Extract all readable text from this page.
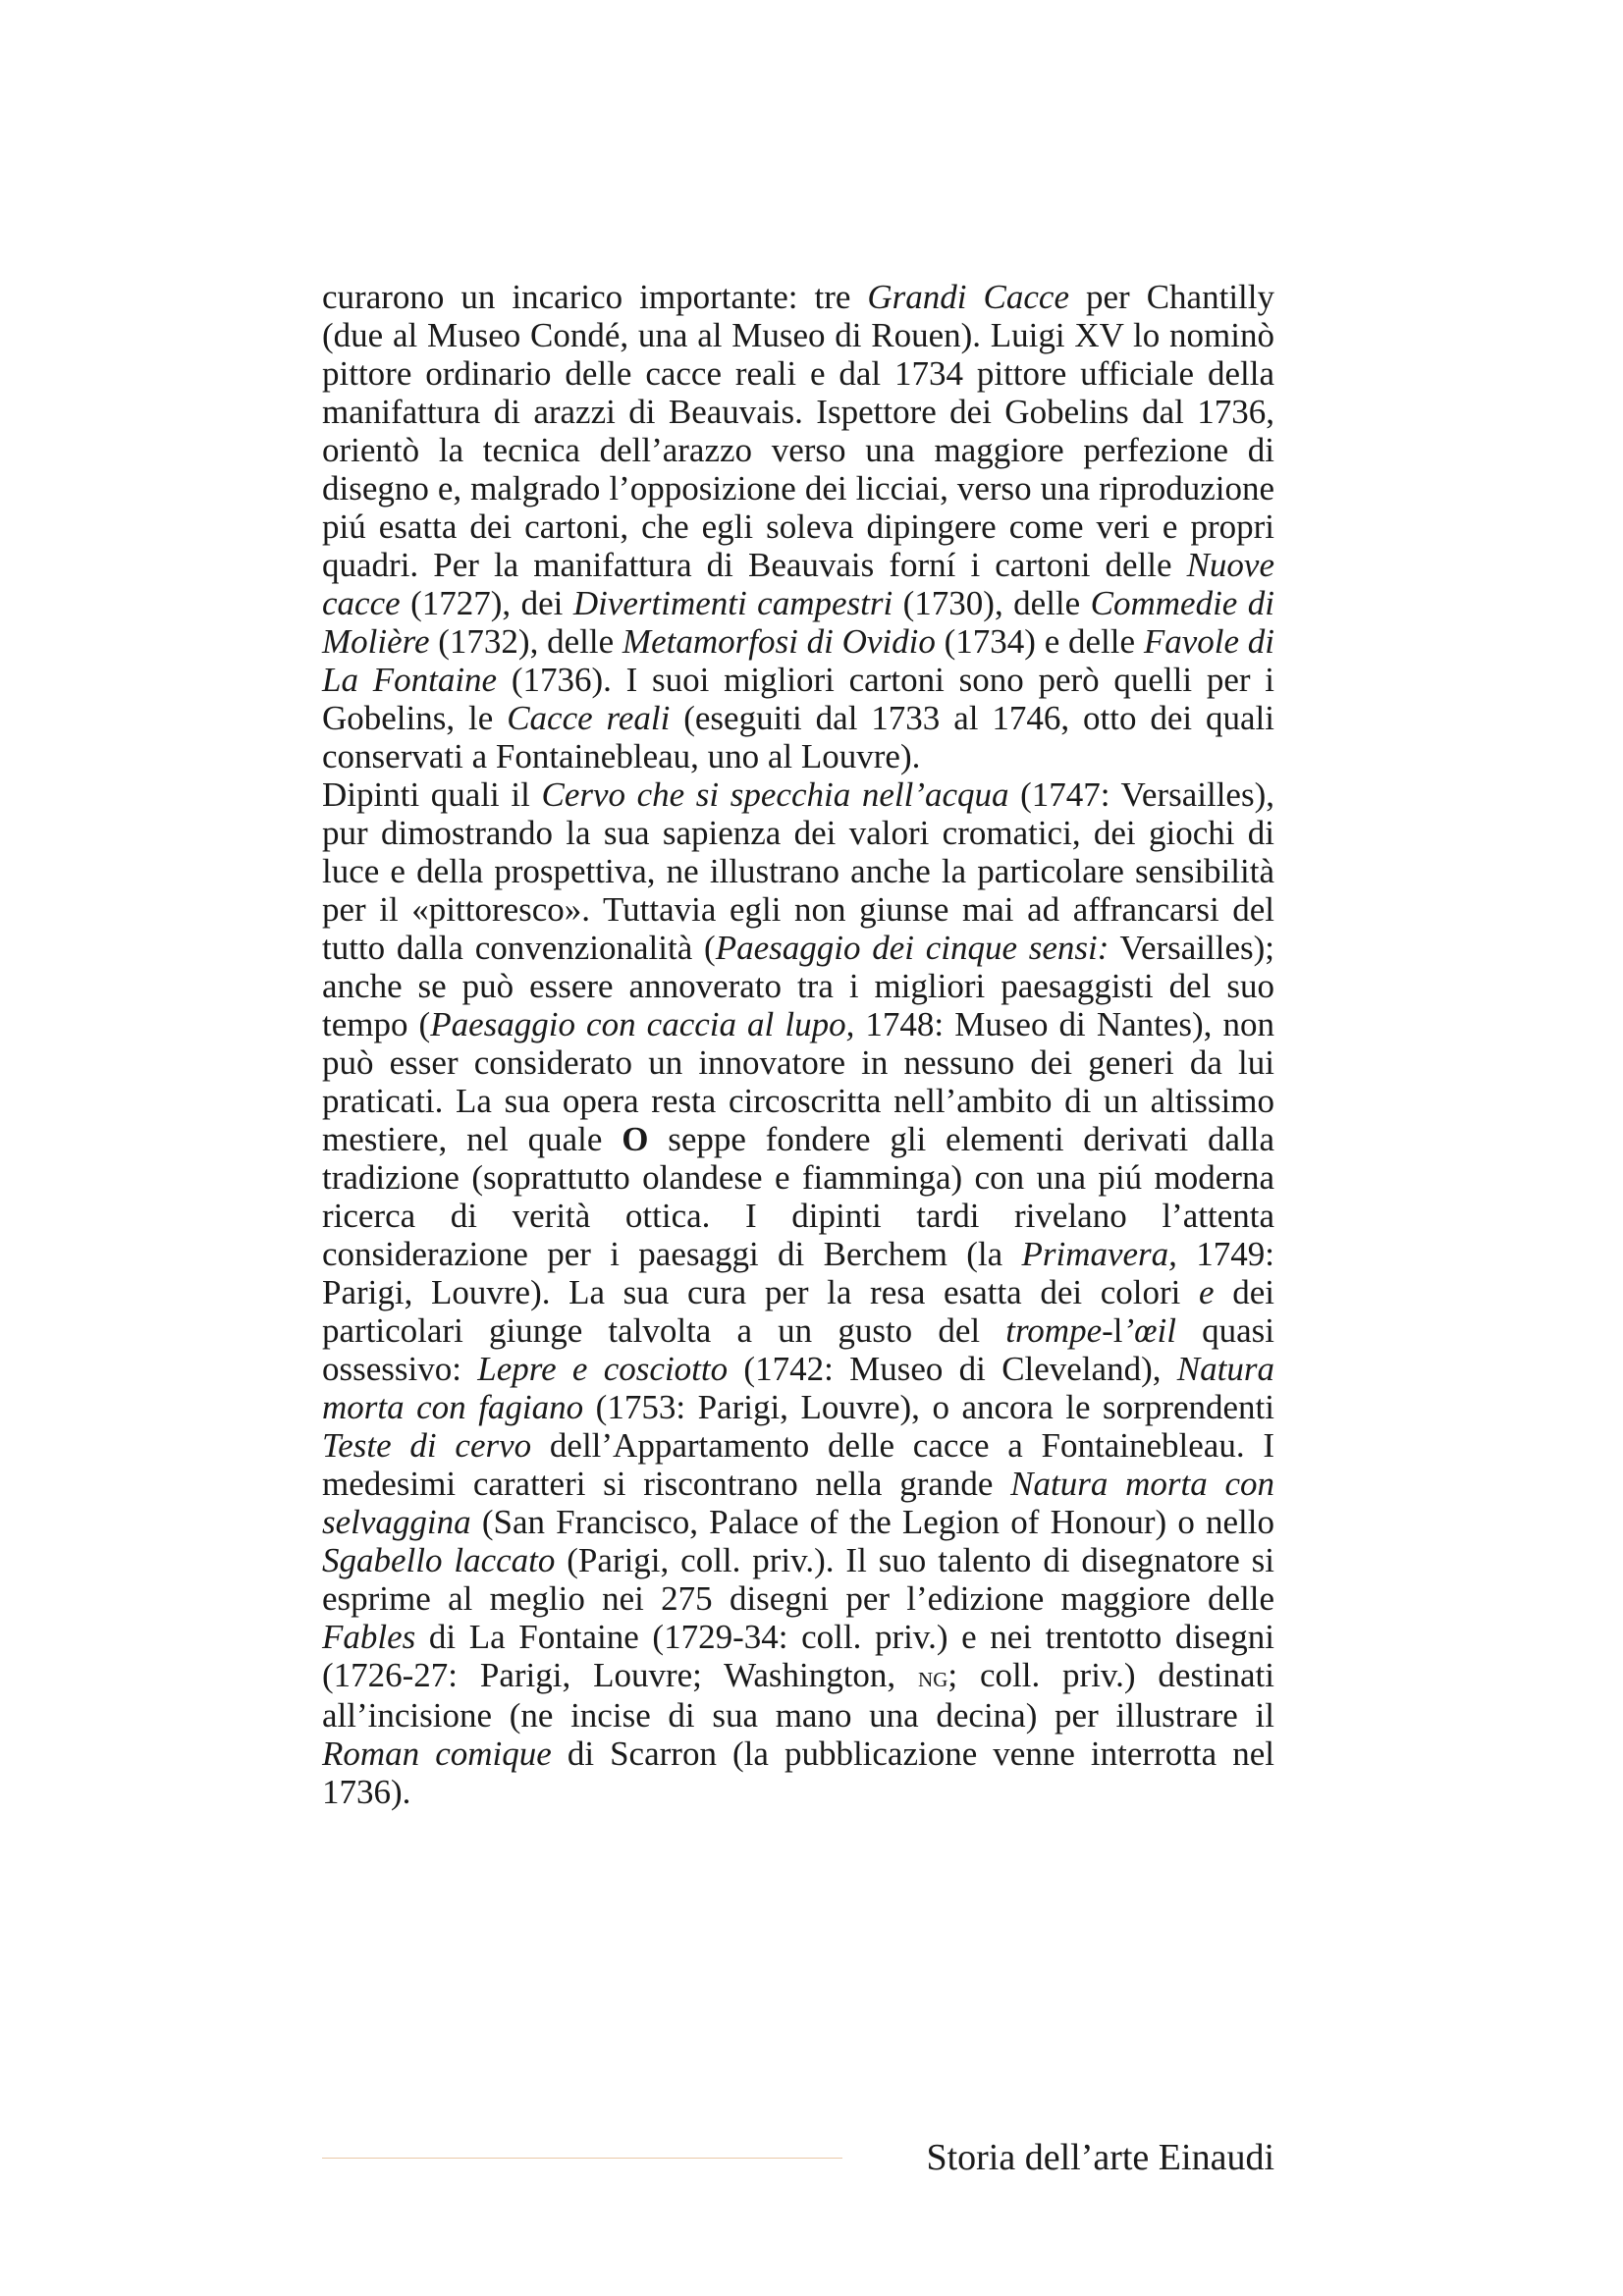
curarono un incarico importante: tre Grandi Cacce per Chantilly (due al Museo Condé, una al Museo di Rouen). Luigi XV lo nominò pittore ordinario delle cacce reali e dal 1734 pittore ufficiale della manifattura di arazzi di Beauvais. Ispettore dei Gobelins dal 1736, orientò la tecnica dell’arazzo verso una maggiore perfezione di disegno e, malgrado l’opposizione dei licciai, verso una riproduzione piú esatta dei cartoni, che egli soleva dipingere come veri e propri quadri. Per la manifattura di Beauvais forní i cartoni delle Nuove cacce (1727), dei Divertimenti campestri (1730), delle Commedie di Molière (1732), delle Metamorfosi di Ovidio (1734) e delle Favole di La Fontaine (1736). I suoi migliori cartoni sono però quelli per i Gobelins, le Cacce reali (eseguiti dal 1733 al 1746, otto dei quali conservati a Fontainebleau, uno al Louvre).

Dipinti quali il Cervo che si specchia nell’acqua (1747: Versailles), pur dimostrando la sua sapienza dei valori cromatici, dei giochi di luce e della prospettiva, ne illustrano anche la particolare sensibilità per il «pittoresco». Tuttavia egli non giunse mai ad affrancarsi del tutto dalla convenzionalità (Paesaggio dei cinque sensi: Versailles); anche se può essere annoverato tra i migliori paesaggisti del suo tempo (Paesaggio con caccia al lupo, 1748: Museo di Nantes), non può esser considerato un innovatore in nessuno dei generi da lui praticati. La sua opera resta circoscritta nell’ambito di un altissimo mestiere, nel quale O seppe fondere gli elementi derivati dalla tradizione (soprattutto olandese e fiamminga) con una piú moderna ricerca di verità ottica. I dipinti tardi rivelano l’attenta considerazione per i paesaggi di Berchem (la Primavera, 1749: Parigi, Louvre). La sua cura per la resa esatta dei colori e dei particolari giunge talvolta a un gusto del trompe-l’œil quasi ossessivo: Lepre e cosciotto (1742: Museo di Cleveland), Natura morta con fagiano (1753: Parigi, Louvre), o ancora le sorprendenti Teste di cervo dell’Appartamento delle cacce a Fontainebleau. I medesimi caratteri si riscontrano nella grande Natura morta con selvaggina (San Francisco, Palace of the Legion of Honour) o nello Sgabello laccato (Parigi, coll. priv.). Il suo talento di disegnatore si esprime al meglio nei 275 disegni per l’edizione maggiore delle Fables di La Fontaine (1729-34: coll. priv.) e nei trentotto disegni (1726-27: Parigi, Louvre; Washington, ng; coll. priv.) destinati all’incisione (ne incise di sua mano una decina) per illustrare il Roman comique di Scarron (la pubblicazione venne interrotta nel 1736).

Storia dell’arte Einaudi
